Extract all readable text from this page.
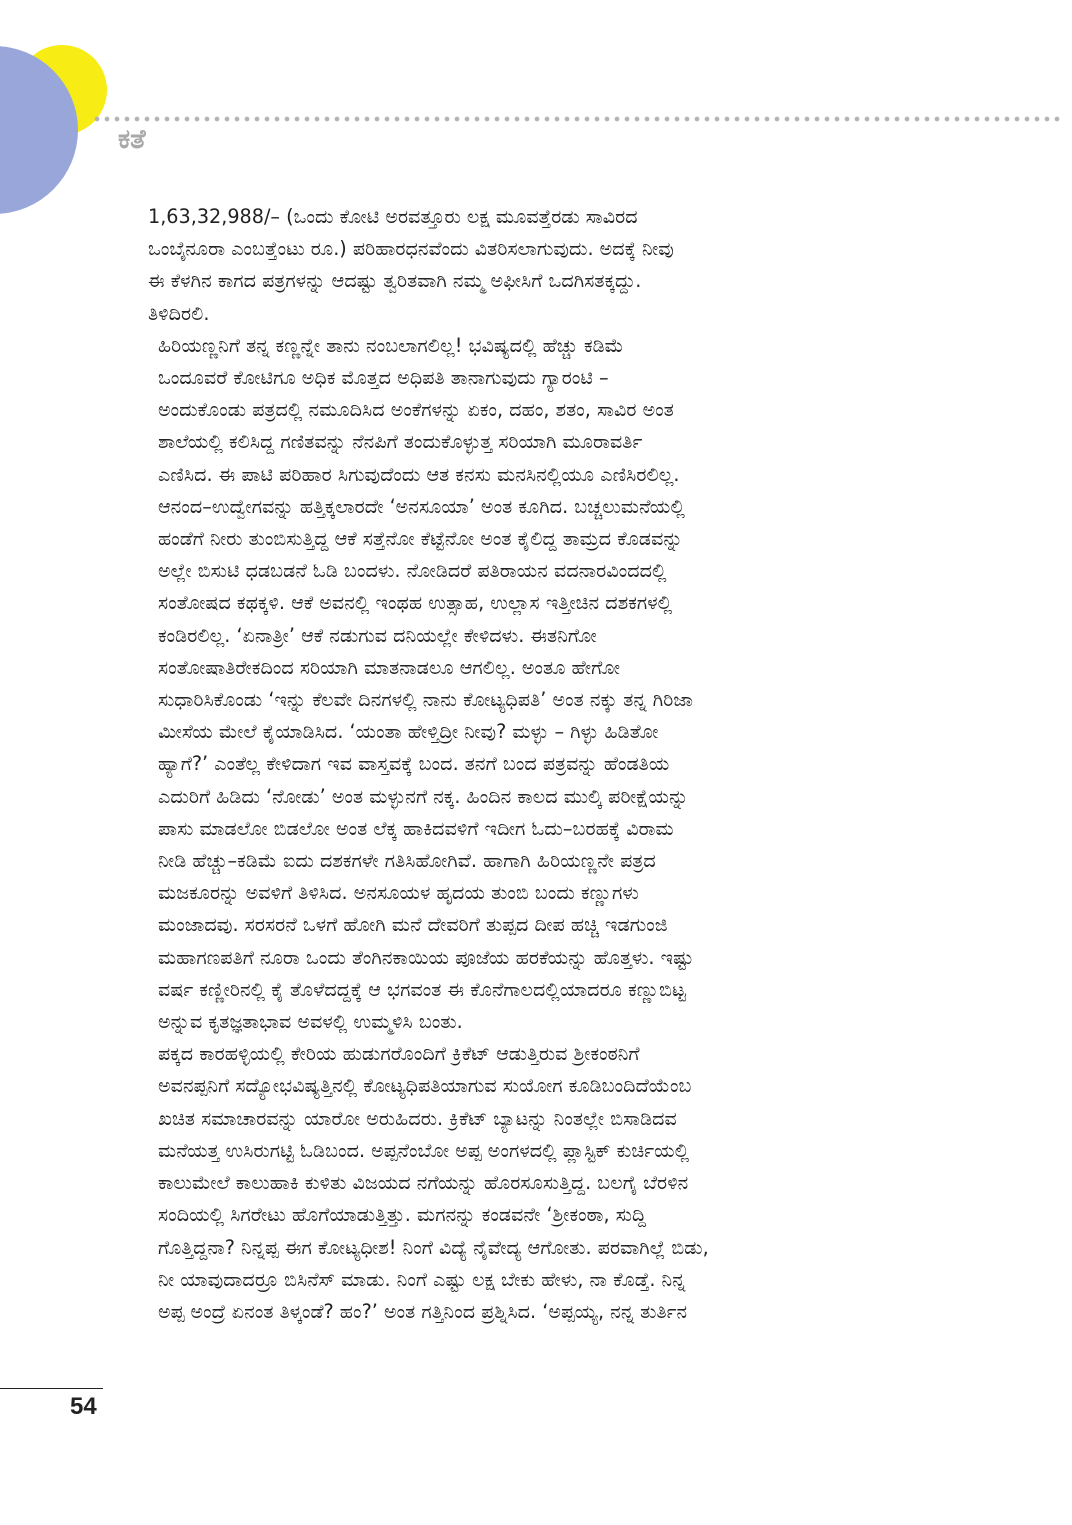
ಕತೆ

1,63,32,988/– (ಒಂದು ಕೋಟಿ ಅರವತ್ತೂರು ಲಕ್ಷ ಮೂವತ್ತೆರಡು ಸಾವಿರದ
ಒಂಬೈನೂರಾ ಎಂಬತ್ತೆಂಟು ರೂ.) ಪರಿಹಾರಧನವೆಂದು ವಿತರಿಸಲಾಗುವುದು. ಅದಕ್ಕೆ ನೀವು
ಈ ಕೆಳಗಿನ ಕಾಗದ ಪತ್ರಗಳನ್ನು ಆದಷ್ಟು ತ್ವರಿತವಾಗಿ ನಮ್ಮ ಅಫೀಸಿಗೆ ಒದಗಿಸತಕ್ಕದ್ದು.
ತಿಳಿದಿರಲಿ.

ಹಿರಿಯಣ್ಣನಿಗೆ ತನ್ನ ಕಣ್ಣನ್ನೇ ತಾನು ನಂಬಲಾಗಲಿಲ್ಲ! ಭವಿಷ್ಯದಲ್ಲಿ ಹೆಚ್ಚು ಕಡಿಮೆ
ಒಂದೂವರೆ ಕೋಟಿಗೂ ಅಧಿಕ ಮೊತ್ತದ ಅಧಿಪತಿ ತಾನಾಗುವುದು ಗ್ಯಾರಂಟಿ –
ಅಂದುಕೊಂಡು ಪತ್ರದಲ್ಲಿ ನಮೂದಿಸಿದ ಅಂಕೆಗಳನ್ನು ಏಕಂ, ದಹಂ, ಶತಂ, ಸಾವಿರ ಅಂತ
ಶಾಲೆಯಲ್ಲಿ ಕಲಿಸಿದ್ದ ಗಣಿತವನ್ನು ನೆನಪಿಗೆ ತಂದುಕೊಳ್ಳುತ್ತ ಸರಿಯಾಗಿ ಮೂರಾವರ್ತಿ
ಎಣಿಸಿದ. ಈ ಪಾಟಿ ಪರಿಹಾರ ಸಿಗುವುದೆಂದು ಆತ ಕನಸು ಮನಸಿನಲ್ಲಿಯೂ ಎಣಿಸಿರಲಿಲ್ಲ.
ಆನಂದ–ಉದ್ವೇಗವನ್ನು ಹತ್ತಿಕ್ಕಲಾರದೇ ‘ಅನಸೂಯಾ’ ಅಂತ ಕೂಗಿದ. ಬಚ್ಚಲುಮನೆಯಲ್ಲಿ
ಹಂಡೆಗೆ ನೀರು ತುಂಬಿಸುತ್ತಿದ್ದ ಆಕೆ ಸತ್ತೆನೋ ಕೆಟ್ಟೆನೋ ಅಂತ ಕೈಲಿದ್ದ ತಾಮ್ರದ ಕೊಡವನ್ನು
ಅಲ್ಲೇ ಬಿಸುಟಿ ಧಡಬಡನೆ ಓಡಿ ಬಂದಳು. ನೋಡಿದರೆ ಪತಿರಾಯನ ವದನಾರವಿಂದದಲ್ಲಿ
ಸಂತೋಷದ ಕಥಕ್ಕಳಿ. ಆಕೆ ಅವನಲ್ಲಿ ಇಂಥಹ ಉತ್ಸಾಹ, ಉಲ್ಲಾಸ ಇತ್ತೀಚಿನ ದಶಕಗಳಲ್ಲಿ
ಕಂಡಿರಲಿಲ್ಲ. ‘ಏನಾತ್ರೀ’ ಆಕೆ ನಡುಗುವ ದನಿಯಲ್ಲೇ ಕೇಳಿದಳು. ಈತನಿಗೋ
ಸಂತೋಷಾತಿರೇಕದಿಂದ ಸರಿಯಾಗಿ ಮಾತನಾಡಲೂ ಆಗಲಿಲ್ಲ. ಅಂತೂ ಹೇಗೋ
ಸುಧಾರಿಸಿಕೊಂಡು ‘ಇನ್ನು ಕೆಲವೇ ದಿನಗಳಲ್ಲಿ ನಾನು ಕೋಟ್ಯಧಿಪತಿ’ ಅಂತ ನಕ್ಕು ತನ್ನ ಗಿರಿಜಾ
ಮೀಸೆಯ ಮೇಲೆ ಕೈಯಾಡಿಸಿದ. ‘ಯಂತಾ ಹೇಳ್ತಿದ್ರೀ ನೀವು? ಮಳ್ಳು – ಗಿಳ್ಳು ಹಿಡಿತೋ
ಹ್ಯಾಗೆ?’ ಎಂತೆಲ್ಲ ಕೇಳಿದಾಗ ಇವ ವಾಸ್ತವಕ್ಕೆ ಬಂದ. ತನಗೆ ಬಂದ ಪತ್ರವನ್ನು ಹೆಂಡತಿಯ
ಎದುರಿಗೆ ಹಿಡಿದು ‘ನೋಡು’ ಅಂತ ಮಳ್ಳುನಗೆ ನಕ್ಕ. ಹಿಂದಿನ ಕಾಲದ ಮುಲ್ಕಿ ಪರೀಕ್ಷೆಯನ್ನು
ಪಾಸು ಮಾಡಲೋ ಬಿಡಲೋ ಅಂತ ಲೆಕ್ಕ ಹಾಕಿದವಳಿಗೆ ಇದೀಗ ಓದು–ಬರಹಕ್ಕೆ ವಿರಾಮ
ನೀಡಿ ಹೆಚ್ಚು–ಕಡಿಮೆ ಐದು ದಶಕಗಳೇ ಗತಿಸಿಹೋಗಿವೆ. ಹಾಗಾಗಿ ಹಿರಿಯಣ್ಣನೇ ಪತ್ರದ
ಮಜಕೂರನ್ನು ಅವಳಿಗೆ ತಿಳಿಸಿದ. ಅನಸೂಯಳ ಹೃದಯ ತುಂಬಿ ಬಂದು ಕಣ್ಣುಗಳು
ಮಂಜಾದವು. ಸರಸರನೆ ಒಳಗೆ ಹೋಗಿ ಮನೆ ದೇವರಿಗೆ ತುಪ್ಪದ ದೀಪ ಹಚ್ಚಿ ಇಡಗುಂಜಿ
ಮಹಾಗಣಪತಿಗೆ ನೂರಾ ಒಂದು ತೆಂಗಿನಕಾಯಿಯ ಪೂಜೆಯ ಹರಕೆಯನ್ನು ಹೊತ್ತಳು. ಇಷ್ಟು
ವರ್ಷ ಕಣ್ಣೀರಿನಲ್ಲಿ ಕೈ ತೊಳೆದದ್ದಕ್ಕೆ ಆ ಭಗವಂತ ಈ ಕೊನೆಗಾಲದಲ್ಲಿಯಾದರೂ ಕಣ್ಣುಬಿಟ್ಟ
ಅನ್ನುವ ಕೃತಜ್ಞತಾಭಾವ ಅವಳಲ್ಲಿ ಉಮ್ಮಳಿಸಿ ಬಂತು.

ಪಕ್ಕದ ಕಾರಹಳ್ಳಿಯಲ್ಲಿ ಕೇರಿಯ ಹುಡುಗರೊಂದಿಗೆ ಕ್ರಿಕೆಟ್ ಆಡುತ್ತಿರುವ ಶ್ರೀಕಂಠನಿಗೆ
ಅವನಪ್ಪನಿಗೆ ಸದ್ಯೋಭವಿಷ್ಯತ್ತಿನಲ್ಲಿ ಕೋಟ್ಯಧಿಪತಿಯಾಗುವ ಸುಯೋಗ ಕೂಡಿಬಂದಿದೆಯೆಂಬ
ಖಚಿತ ಸಮಾಚಾರವನ್ನು ಯಾರೋ ಅರುಹಿದರು. ಕ್ರಿಕೆಟ್ ಬ್ಯಾಟನ್ನು ನಿಂತಲ್ಲೇ ಬಿಸಾಡಿದವ
ಮನೆಯತ್ತ ಉಸಿರುಗಟ್ಟಿ ಓಡಿಬಂದ. ಅಪ್ಪನೆಂಬೋ ಅಪ್ಪ ಅಂಗಳದಲ್ಲಿ ಪ್ಲಾಸ್ಟಿಕ್ ಕುರ್ಚಿಯಲ್ಲಿ
ಕಾಲುಮೇಲೆ ಕಾಲುಹಾಕಿ ಕುಳಿತು ವಿಜಯದ ನಗೆಯನ್ನು ಹೊರಸೂಸುತ್ತಿದ್ದ. ಬಲಗೈ ಬೆರಳಿನ
ಸಂದಿಯಲ್ಲಿ ಸಿಗರೇಟು ಹೊಗೆಯಾಡುತ್ತಿತ್ತು. ಮಗನನ್ನು ಕಂಡವನೇ ‘ಶ್ರೀಕಂಠಾ, ಸುದ್ದಿ
ಗೊತ್ತಿದ್ದನಾ? ನಿನ್ನಪ್ಪ ಈಗ ಕೋಟ್ಯಧೀಶ! ನಿಂಗೆ ವಿದ್ಯೆ ನೈವೇದ್ಯ ಆಗೋತು. ಪರವಾಗಿಲ್ಲೆ ಬಿಡು,
ನೀ ಯಾವುದಾದರ‍್ರೂ ಬಿಸಿನೆಸ್ ಮಾಡು. ನಿಂಗೆ ಎಷ್ಟು ಲಕ್ಷ ಬೇಕು ಹೇಳು, ನಾ ಕೊಡ್ತೆ. ನಿನ್ನ
ಅಪ್ಪ ಅಂದ್ರೆ ಏನಂತ ತಿಳ್ಕಂಡೆ? ಹಂ?’ ಅಂತ ಗತ್ತಿನಿಂದ ಪ್ರಶ್ನಿಸಿದ. ‘ಅಪ್ಪಯ್ಯ, ನನ್ನ ತುರ್ತಿನ

54
